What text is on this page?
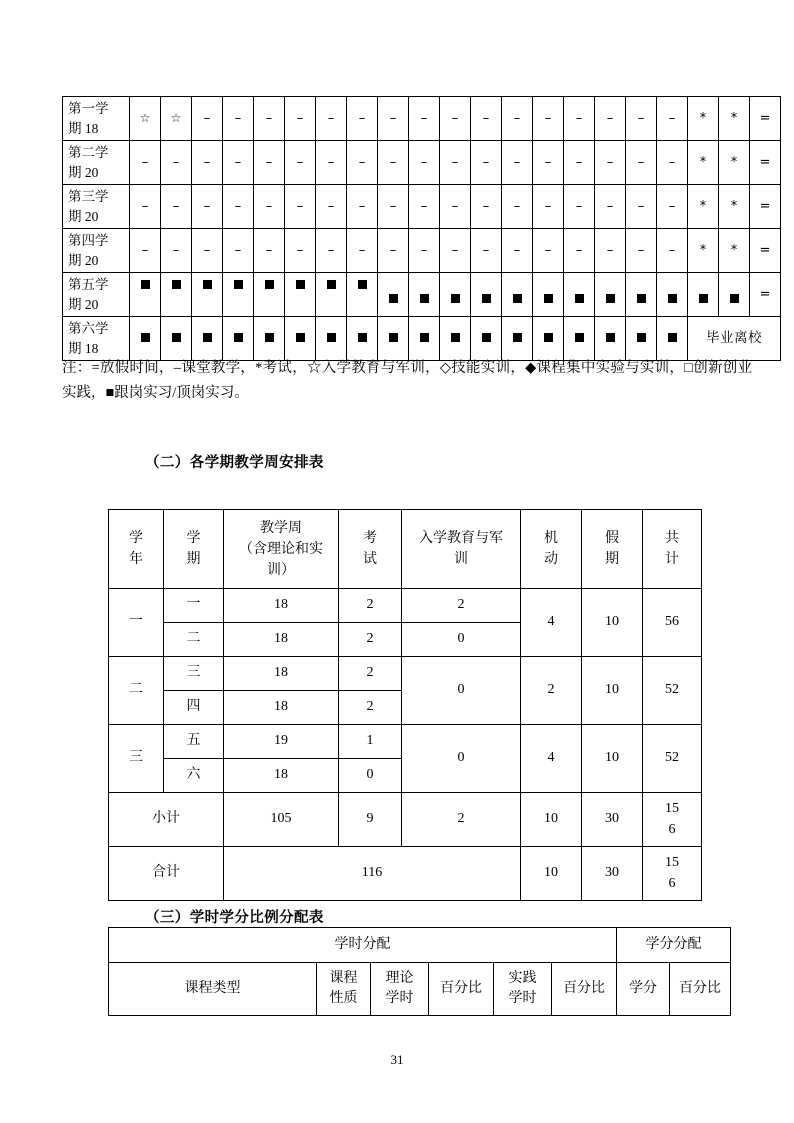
第一学
期 18	☆	☆	–	–	–	–	–	–	–	–	–	–	–	–	–	–	–	–	*	*	=
第二学
期 20	–	–	–	–	–	–	–	–	–	–	–	–	–	–	–	–	–	–	*	*	=
第三学
期 20	–	–	–	–	–	–	–	–	–	–	–	–	–	–	–	–	–	–	*	*	=
第四学
期 20	–	–	–	–	–	–	–	–	–	–	–	–	–	–	–	–	–	–	*	*	=
第五学
期 20																					=
第六学
期 18																			毕业离校		
注：=放假时间，–课堂教学，*考试，☆入学教育与军训，◇技能实训，◆课程集中实验与实训，□创新创业实践，■跟岗实习/顶岗实习。
（二）各学期教学周安排表
学
年	学
期	教学周
（含理论和实
训）	考
试	入学教育与军
训	机
动	假
期	共
计
一	一	18	2	2	4	10	56
	二	18	2	0			
二	三	18	2	0	2	10	52
	四	18	2				
三	五	19	1	0	4	10	52
	六	18	0				
小计		105	9	2	10	30	15
6
合计		116			10	30	15
6
（三）学时学分比例分配表
学时分配						学分分配	
课程类型	课程
性质	理论
学时	百分比	实践
学时	百分比	学分	百分比
31
